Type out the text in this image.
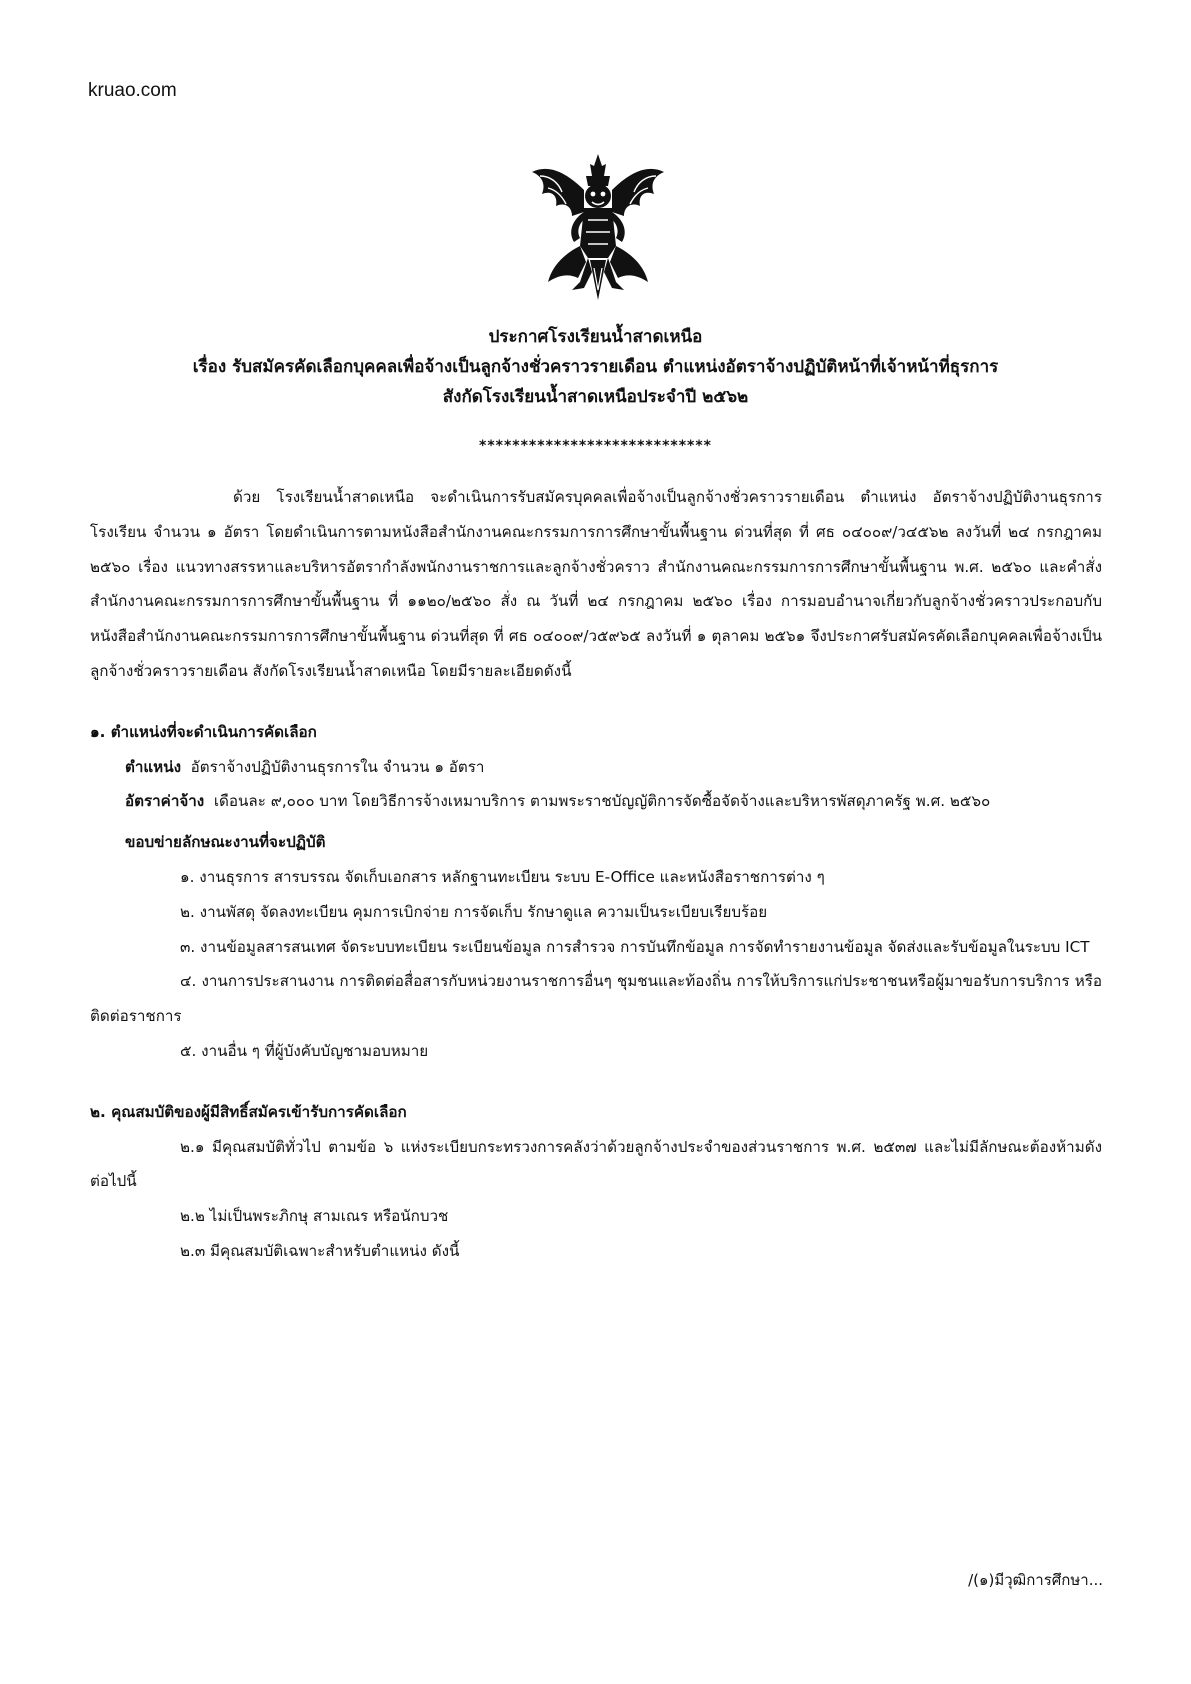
kruao.com
ประกาศโรงเรียนน้ำสาดเหนือ
เรื่อง รับสมัครคัดเลือกบุคคลเพื่อจ้างเป็นลูกจ้างชั่วคราวรายเดือน ตำแหน่งอัตราจ้างปฏิบัติหน้าที่เจ้าหน้าที่ธุรการ
สังกัดโรงเรียนน้ำสาดเหนือประจำปี ๒๕๖๒
****************************

ด้วย โรงเรียนน้ำสาดเหนือ จะดำเนินการรับสมัครบุคคลเพื่อจ้างเป็นลูกจ้างชั่วคราวรายเดือน ตำแหน่ง อัตราจ้างปฏิบัติงานธุรการโรงเรียน จำนวน ๑ อัตรา โดยดำเนินการตามหนังสือสำนักงานคณะกรรมการการศึกษาขั้นพื้นฐาน ด่วนที่สุด ที่ ศธ ๐๔๐๐๙/ว๔๕๖๒ ลงวันที่ ๒๔ กรกฎาคม ๒๕๖๐ เรื่อง แนวทางสรรหาและบริหารอัตรากำลังพนักงานราชการและลูกจ้างชั่วคราว สำนักงานคณะกรรมการการศึกษาขั้นพื้นฐาน พ.ศ. ๒๕๖๐ และคำสั่งสำนักงานคณะกรรมการการศึกษาขั้นพื้นฐาน ที่ ๑๑๒๐/๒๕๖๐ สั่ง ณ วันที่ ๒๔ กรกฎาคม ๒๕๖๐ เรื่อง การมอบอำนาจเกี่ยวกับลูกจ้างชั่วคราวประกอบกับหนังสือสำนักงานคณะกรรมการการศึกษาขั้นพื้นฐาน ด่วนที่สุด ที่ ศธ ๐๔๐๐๙/ว๕๙๖๕ ลงวันที่ ๑ ตุลาคม ๒๕๖๑ จึงประกาศรับสมัครคัดเลือกบุคคลเพื่อจ้างเป็นลูกจ้างชั่วคราวรายเดือน สังกัดโรงเรียนน้ำสาดเหนือ โดยมีรายละเอียดดังนี้

๑. ตำแหน่งที่จะดำเนินการคัดเลือก

ตำแหน่ง อัตราจ้างปฏิบัติงานธุรการใน จำนวน ๑ อัตรา

อัตราค่าจ้าง เดือนละ ๙,๐๐๐ บาท โดยวิธีการจ้างเหมาบริการ ตามพระราชบัญญัติการจัดซื้อจัดจ้างและบริหารพัสดุภาครัฐ พ.ศ. ๒๕๖๐

ขอบข่ายลักษณะงานที่จะปฏิบัติ

๑. งานธุรการ สารบรรณ จัดเก็บเอกสาร หลักฐานทะเบียน ระบบ E-Office และหนังสือราชการต่าง ๆ

๒. งานพัสดุ จัดลงทะเบียน คุมการเบิกจ่าย การจัดเก็บ รักษาดูแล ความเป็นระเบียบเรียบร้อย

๓. งานข้อมูลสารสนเทศ จัดระบบทะเบียน ระเบียนข้อมูล การสำรวจ การบันทึกข้อมูล การจัดทำรายงานข้อมูล จัดส่งและรับข้อมูลในระบบ ICT

๔. งานการประสานงาน การติดต่อสื่อสารกับหน่วยงานราชการอื่นๆ ชุมชนและท้องถิ่น การให้บริการแก่ประชาชนหรือผู้มาขอรับการบริการ หรือติดต่อราชการ

๕. งานอื่น ๆ ที่ผู้บังคับบัญชามอบหมาย

๒. คุณสมบัติของผู้มีสิทธิ์สมัครเข้ารับการคัดเลือก

๒.๑ มีคุณสมบัติทั่วไป ตามข้อ ๖ แห่งระเบียบกระทรวงการคลังว่าด้วยลูกจ้างประจำของส่วนราชการ พ.ศ. ๒๕๓๗ และไม่มีลักษณะต้องห้ามดังต่อไปนี้

๒.๒ ไม่เป็นพระภิกษุ สามเณร หรือนักบวช

๒.๓ มีคุณสมบัติเฉพาะสำหรับตำแหน่ง ดังนี้

/(๑)มีวุฒิการศึกษา...
